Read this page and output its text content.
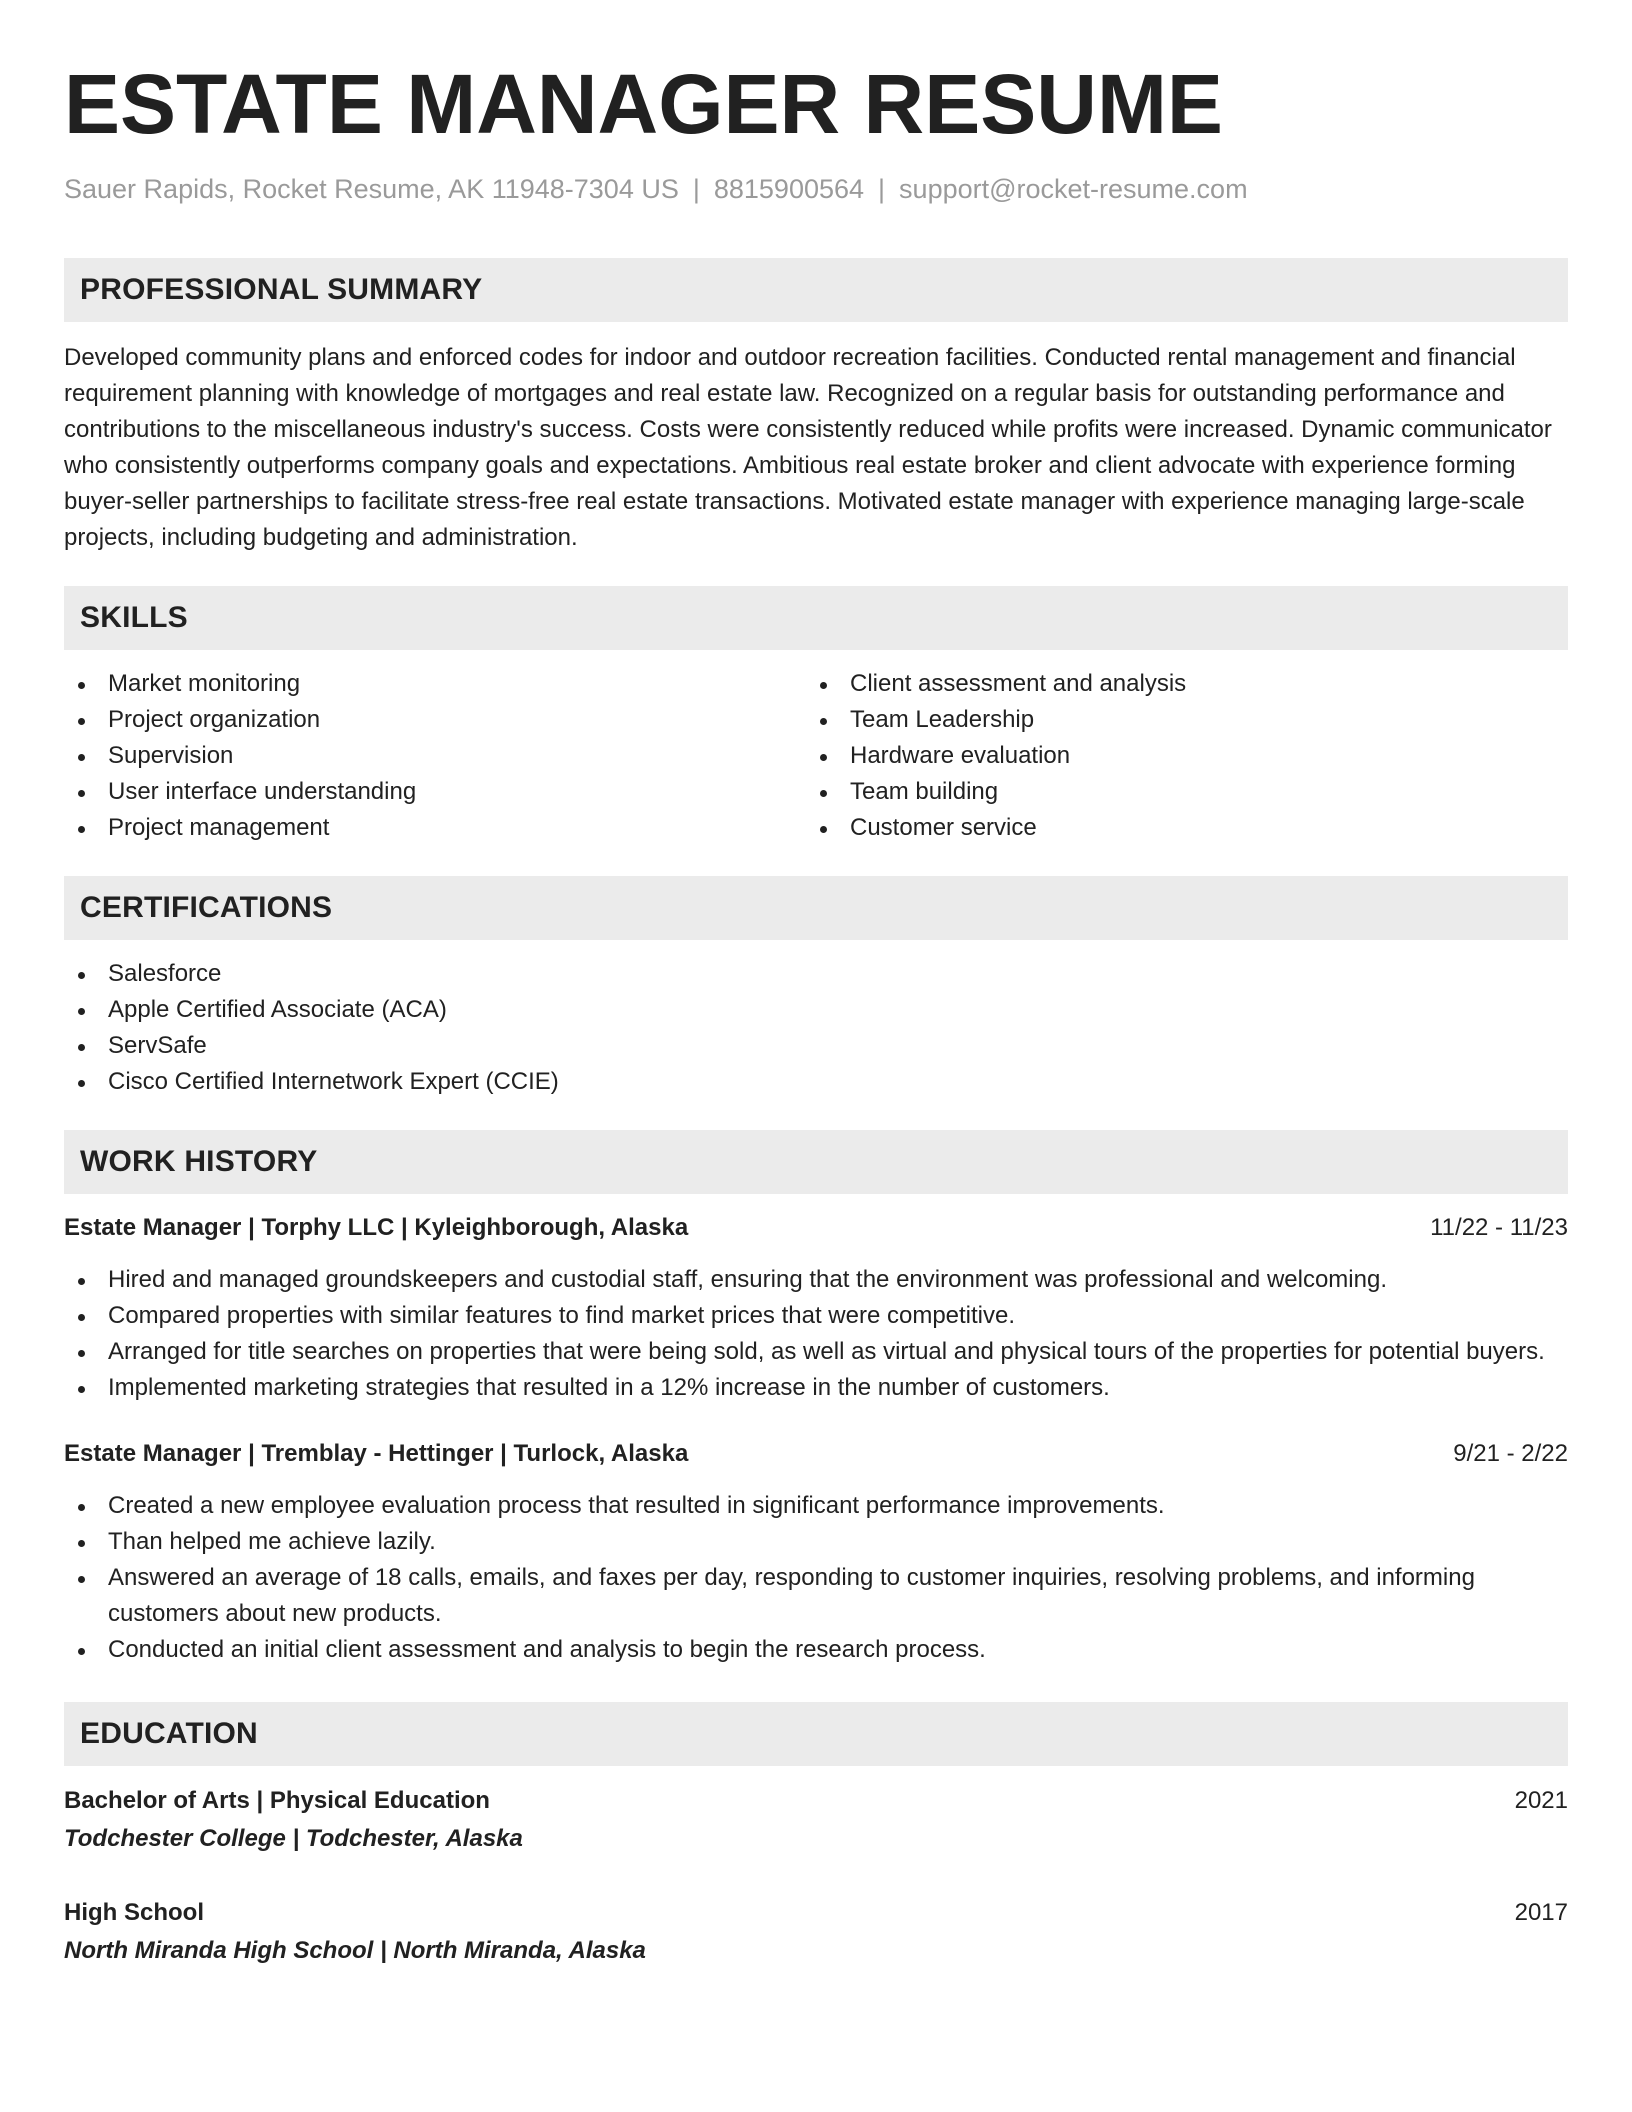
ESTATE MANAGER RESUME
Sauer Rapids, Rocket Resume, AK 11948-7304 US | 8815900564 | support@rocket-resume.com
PROFESSIONAL SUMMARY

Developed community plans and enforced codes for indoor and outdoor recreation facilities. Conducted rental management and financial requirement planning with knowledge of mortgages and real estate law. Recognized on a regular basis for outstanding performance and contributions to the miscellaneous industry's success. Costs were consistently reduced while profits were increased. Dynamic communicator who consistently outperforms company goals and expectations. Ambitious real estate broker and client advocate with experience forming buyer-seller partnerships to facilitate stress-free real estate transactions. Motivated estate manager with experience managing large-scale projects, including budgeting and administration.

SKILLS
Market monitoring
Project organization
Supervision
User interface understanding
Project management
Client assessment and analysis
Team Leadership
Hardware evaluation
Team building
Customer service
CERTIFICATIONS
Salesforce
Apple Certified Associate (ACA)
ServSafe
Cisco Certified Internetwork Expert (CCIE)
WORK HISTORY
Estate Manager | Torphy LLC | Kyleighborough, Alaska	11/22 - 11/23
Hired and managed groundskeepers and custodial staff, ensuring that the environment was professional and welcoming.
Compared properties with similar features to find market prices that were competitive.
Arranged for title searches on properties that were being sold, as well as virtual and physical tours of the properties for potential buyers.
Implemented marketing strategies that resulted in a 12% increase in the number of customers.
Estate Manager | Tremblay - Hettinger | Turlock, Alaska	9/21 - 2/22
Created a new employee evaluation process that resulted in significant performance improvements.
Than helped me achieve lazily.
Answered an average of 18 calls, emails, and faxes per day, responding to customer inquiries, resolving problems, and informing customers about new products.
Conducted an initial client assessment and analysis to begin the research process.
EDUCATION
Bachelor of Arts | Physical Education	2021
Todchester College | Todchester, Alaska
High School	2017
North Miranda High School | North Miranda, Alaska
